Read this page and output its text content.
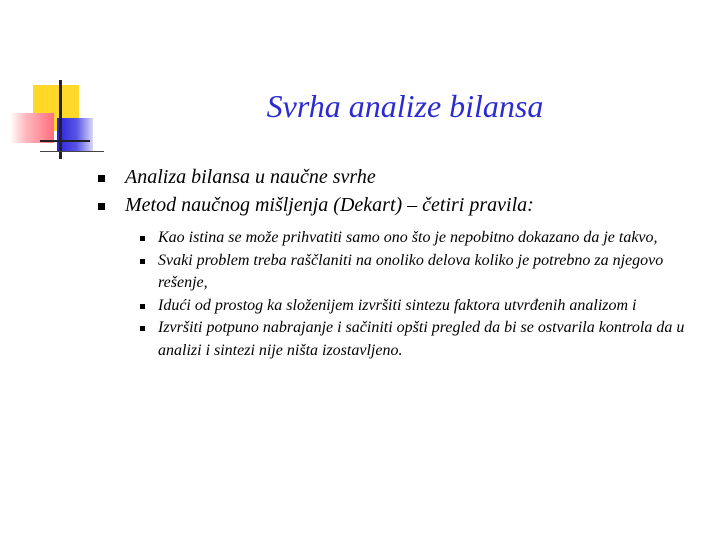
Svrha analize bilansa
Analiza bilansa u naučne svrhe
Metod naučnog mišljenja (Dekart) – četiri pravila:
Kao istina se može prihvatiti samo ono što je nepobitno dokazano da je takvo,
Svaki problem treba raščlaniti na onoliko delova koliko je potrebno za njegovo rešenje,
Idući od prostog ka složenijem izvršiti sintezu faktora utvrđenih analizom i
Izvršiti potpuno nabrajanje i sačiniti opšti pregled da bi se ostvarila kontrola da u analizi i sintezi nije ništa izostavljeno.
